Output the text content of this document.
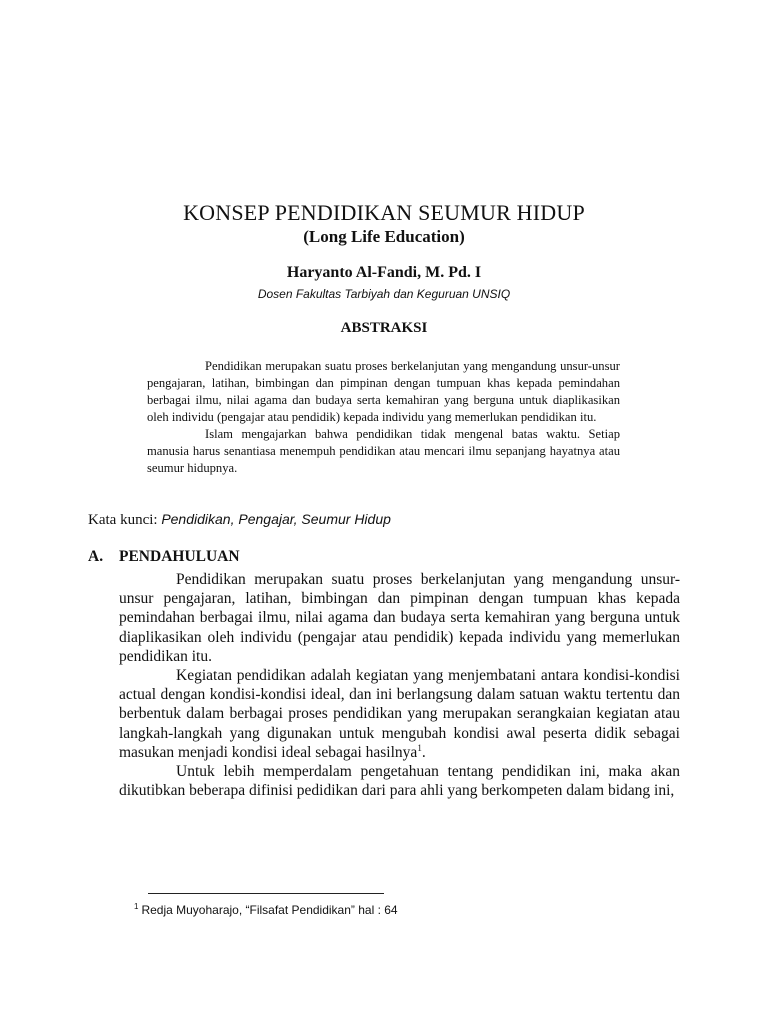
KONSEP PENDIDIKAN SEUMUR HIDUP
(Long Life Education)
Haryanto Al-Fandi, M. Pd. I
Dosen Fakultas Tarbiyah dan Keguruan UNSIQ
ABSTRAKSI

Pendidikan merupakan suatu proses berkelanjutan yang mengandung unsur-unsur pengajaran, latihan, bimbingan dan pimpinan dengan tumpuan khas kepada pemindahan berbagai ilmu, nilai agama dan budaya serta kemahiran yang berguna untuk diaplikasikan oleh individu (pengajar atau pendidik) kepada individu yang memerlukan pendidikan itu.

Islam mengajarkan bahwa pendidikan tidak mengenal batas waktu. Setiap manusia harus senantiasa menempuh pendidikan atau mencari ilmu sepanjang hayatnya atau seumur hidupnya.

Kata kunci: Pendidikan, Pengajar, Seumur Hidup
A. PENDAHULUAN

Pendidikan merupakan suatu proses berkelanjutan yang mengandung unsur-unsur pengajaran, latihan, bimbingan dan pimpinan dengan tumpuan khas kepada pemindahan berbagai ilmu, nilai agama dan budaya serta kemahiran yang berguna untuk diaplikasikan oleh individu (pengajar atau pendidik) kepada individu yang memerlukan pendidikan itu.

Kegiatan pendidikan adalah kegiatan yang menjembatani antara kondisi-kondisi actual dengan kondisi-kondisi ideal, dan ini berlangsung dalam satuan waktu tertentu dan berbentuk dalam berbagai proses pendidikan yang merupakan serangkaian kegiatan atau langkah-langkah yang digunakan untuk mengubah kondisi awal peserta didik sebagai masukan menjadi kondisi ideal sebagai hasilnya$^1$.

Untuk lebih memperdalam pengetahuan tentang pendidikan ini, maka akan dikutibkan beberapa difinisi pedidikan dari para ahli yang berkompeten dalam bidang ini,

$^1$ Redja Muyoharajo, “Filsafat Pendidikan” hal : 64
